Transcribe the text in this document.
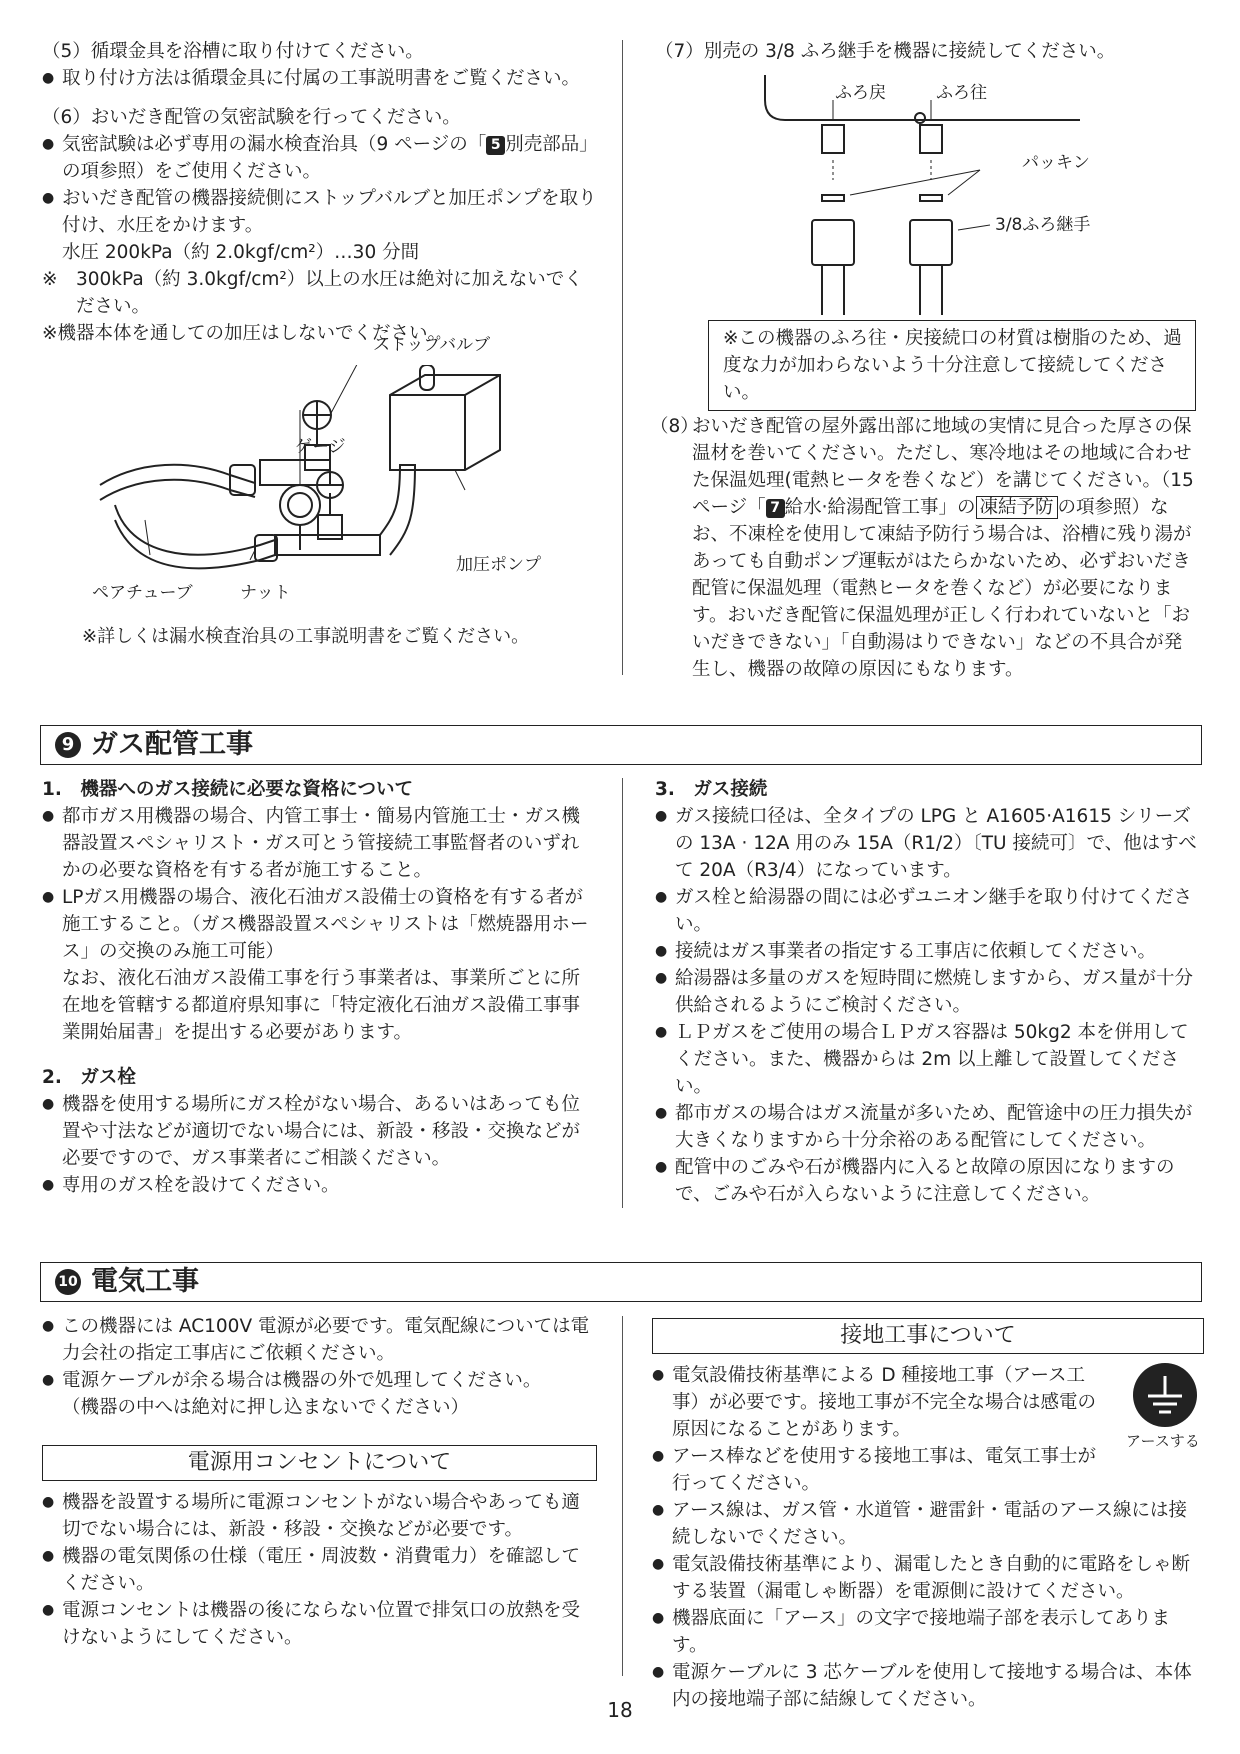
（5）循環金具を浴槽に取り付けてください。

● 取り付け方法は循環金具に付属の工事説明書をご覧ください。

（6）おいだき配管の気密試験を行ってください。

● 気密試験は必ず専用の漏水検査治具（9 ページの「 5 別売部品」の項参照）をご使用ください。

● おいだき配管の機器接続側にストップバルブと加圧ポンプを取り付け、水圧をかけます。

水圧 200kPa（約 2.0kgf/cm²）…30 分間

※ 300kPa（約 3.0kgf/cm²）以上の水圧は絶対に加えないでください。

※機器本体を通しての加圧はしないでください。

ストップバルブ
ゲージ
加圧ポンプ
ペアチューブ	ナット
※詳しくは漏水検査治具の工事説明書をご覧ください。
（7）別売の 3/8 ふろ継手を機器に接続してください。
ふろ戻	ふろ往
パッキン
3/8ふろ継手
※この機器のふろ往・戻接続口の材質は樹脂のため、過度な力が加わらないよう十分注意して接続してください。

（8）
おいだき配管の屋外露出部に地域の実情に見合った厚さの保温材を巻いてください。ただし、寒冷地はその地域に合わせた保温処理(電熱ヒータを巻くなど）を講じてください。（15 ページ「 7 給水·給湯配管工事」の 凍結予防 の項参照）なお、不凍栓を使用して凍結予防行う場合は、浴槽に残り湯があっても自動ポンプ運転がはたらかないため、必ずおいだき配管に保温処理（電熱ヒータを巻くなど）が必要になります。おいだき配管に保温処理が正しく行われていないと「おいだきできない」「自動湯はりできない」などの不具合が発生し、機器の故障の原因にもなります。

9 ガス配管工事

1.　機器へのガス接続に必要な資格について

● 都市ガス用機器の場合、内管工事士・簡易内管施工士・ガス機器設置スペシャリスト・ガス可とう管接続工事監督者のいずれかの必要な資格を有する者が施工すること。

● LPガス用機器の場合、液化石油ガス設備士の資格を有する者が施工すること。（ガス機器設置スペシャリストは「燃焼器用ホース」の交換のみ施工可能）

なお、液化石油ガス設備工事を行う事業者は、事業所ごとに所在地を管轄する都道府県知事に「特定液化石油ガス設備工事事業開始届書」を提出する必要があります。

2.　ガス栓

● 機器を使用する場所にガス栓がない場合、あるいはあっても位置や寸法などが適切でない場合には、新設・移設・交換などが必要ですので、ガス事業者にご相談ください。

● 専用のガス栓を設けてください。

3.　ガス接続

● ガス接続口径は、全タイプの LPG と A1605·A1615 シリーズの 13A · 12A 用のみ 15A（R1/2）〔TU 接続可〕で、他はすべて 20A（R3/4）になっています。

● ガス栓と給湯器の間には必ずユニオン継手を取り付けてください。

● 接続はガス事業者の指定する工事店に依頼してください。

● 給湯器は多量のガスを短時間に燃焼しますから、ガス量が十分供給されるようにご検討ください。

● ＬＰガスをご使用の場合ＬＰガス容器は 50kg2 本を併用してください。また、機器からは 2m 以上離して設置してください。

● 都市ガスの場合はガス流量が多いため、配管途中の圧力損失が大きくなりますから十分余裕のある配管にしてください。

● 配管中のごみや石が機器内に入ると故障の原因になりますので、ごみや石が入らないように注意してください。

10 電気工事

● この機器には AC100V 電源が必要です。電気配線については電力会社の指定工事店にご依頼ください。

● 電源ケーブルが余る場合は機器の外で処理してください。

（機器の中へは絶対に押し込まないでください）

電源用コンセントについて

● 機器を設置する場所に電源コンセントがない場合やあっても適切でない場合には、新設・移設・交換などが必要です。

● 機器の電気関係の仕様（電圧・周波数・消費電力）を確認してください。

● 電源コンセントは機器の後にならない位置で排気口の放熱を受けないようにしてください。

接地工事について

● 電気設備技術基準による D 種接地工事（アース工事）が必要です。接地工事が不完全な場合は感電の原因になることがあります。

● アース棒などを使用する接地工事は、電気工事士が行ってください。

● アース線は、ガス管・水道管・避雷針・電話のアース線には接続しないでください。

● 電気設備技術基準により、漏電したとき自動的に電路をしゃ断する装置（漏電しゃ断器）を電源側に設けてください。

● 機器底面に「アース」の文字で接地端子部を表示してあります。

● 電源ケーブルに 3 芯ケーブルを使用して接地する場合は、本体内の接地端子部に結線してください。

アースする
18
